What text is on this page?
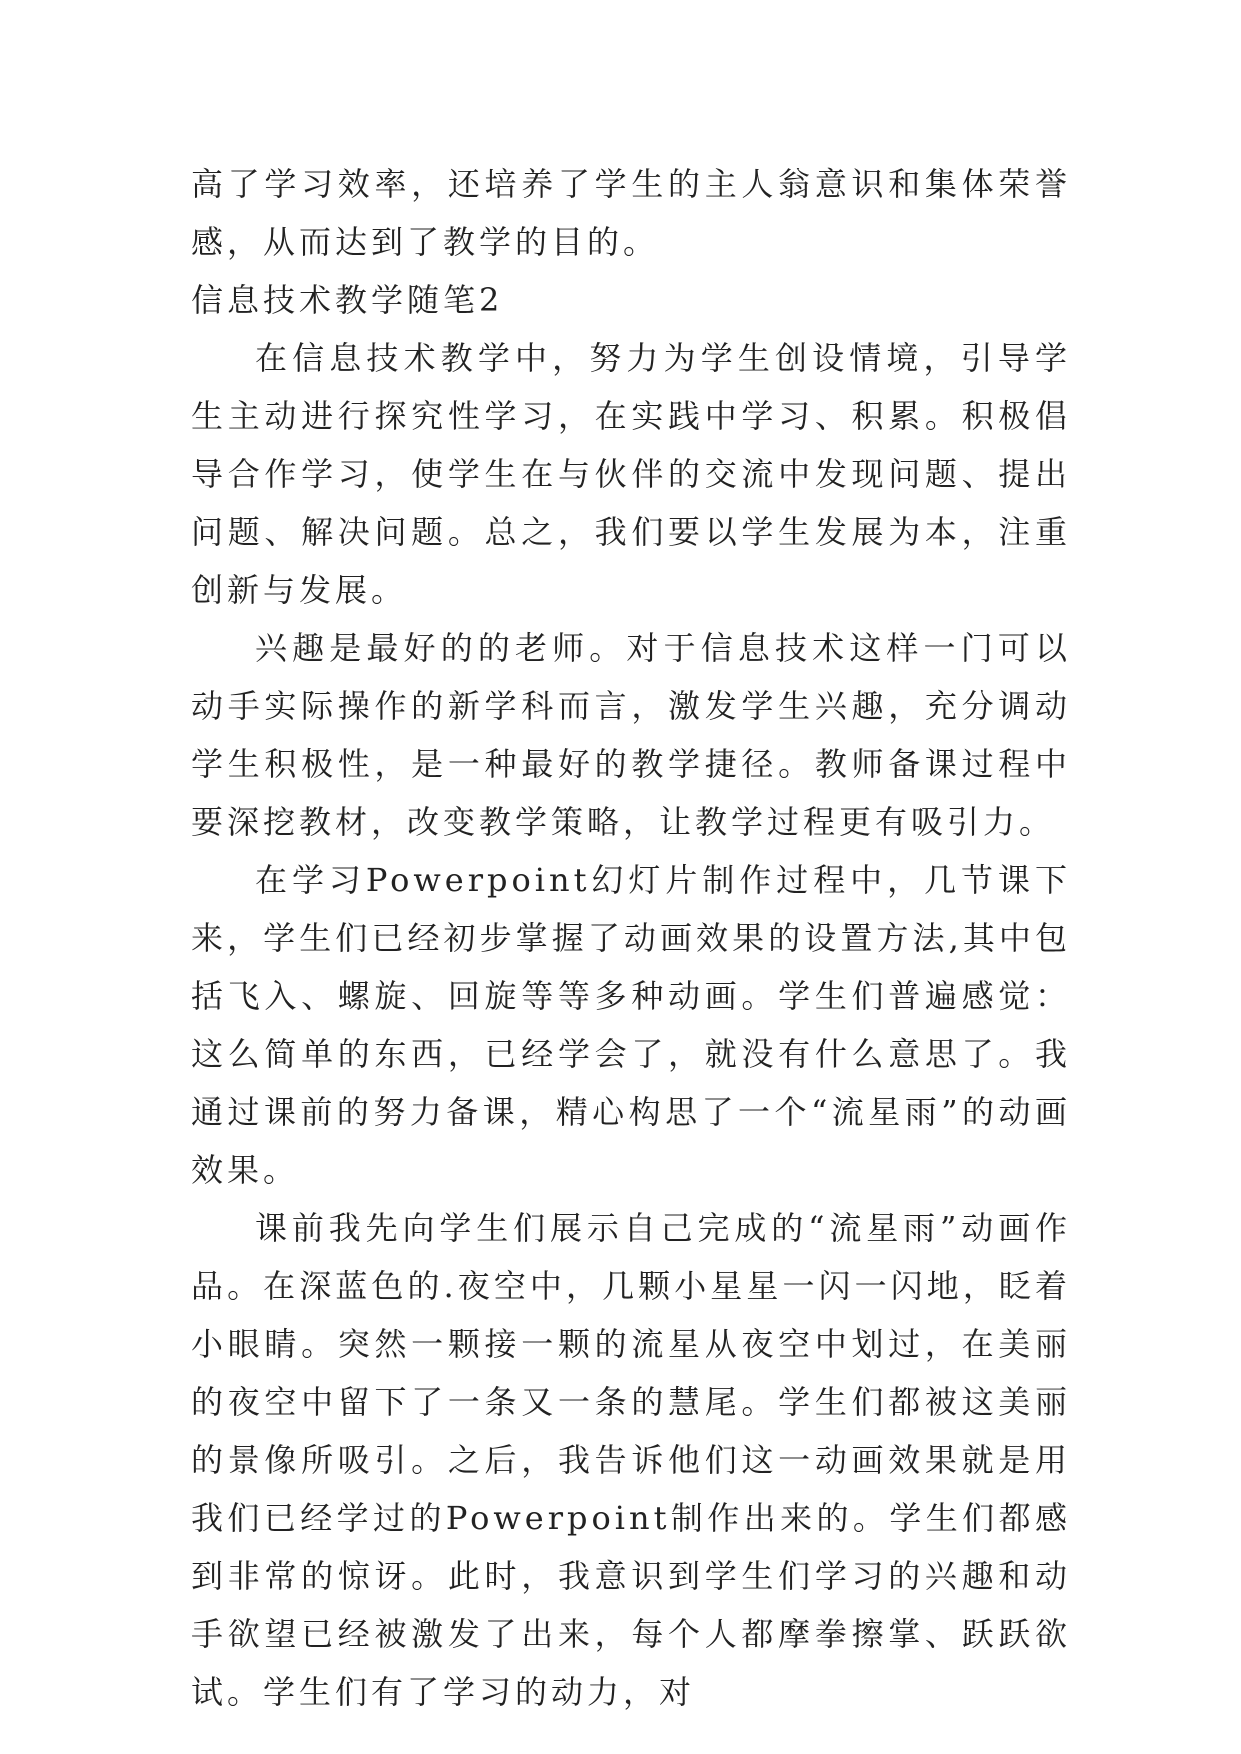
高了学习效率，还培养了学生的主人翁意识和集体荣誉感，从而达到了教学的目的。

信息技术教学随笔2

在信息技术教学中，努力为学生创设情境，引导学生主动进行探究性学习，在实践中学习、积累。积极倡导合作学习，使学生在与伙伴的交流中发现问题、提出问题、解决问题。总之，我们要以学生发展为本，注重创新与发展。

兴趣是最好的的老师。对于信息技术这样一门可以动手实际操作的新学科而言，激发学生兴趣，充分调动学生积极性，是一种最好的教学捷径。教师备课过程中要深挖教材，改变教学策略，让教学过程更有吸引力。

在学习Powerpoint幻灯片制作过程中，几节课下来，学生们已经初步掌握了动画效果的设置方法,其中包括飞入、螺旋、回旋等等多种动画。学生们普遍感觉：这么简单的东西，已经学会了，就没有什么意思了。我通过课前的努力备课，精心构思了一个“流星雨”的动画效果。

课前我先向学生们展示自己完成的“流星雨”动画作品。在深蓝色的.夜空中，几颗小星星一闪一闪地，眨着小眼睛。突然一颗接一颗的流星从夜空中划过，在美丽的夜空中留下了一条又一条的慧尾。学生们都被这美丽的景像所吸引。之后，我告诉他们这一动画效果就是用我们已经学过的Powerpoint制作出来的。学生们都感到非常的惊讶。此时，我意识到学生们学习的兴趣和动手欲望已经被激发了出来，每个人都摩拳擦掌、跃跃欲试。学生们有了学习的动力，对
